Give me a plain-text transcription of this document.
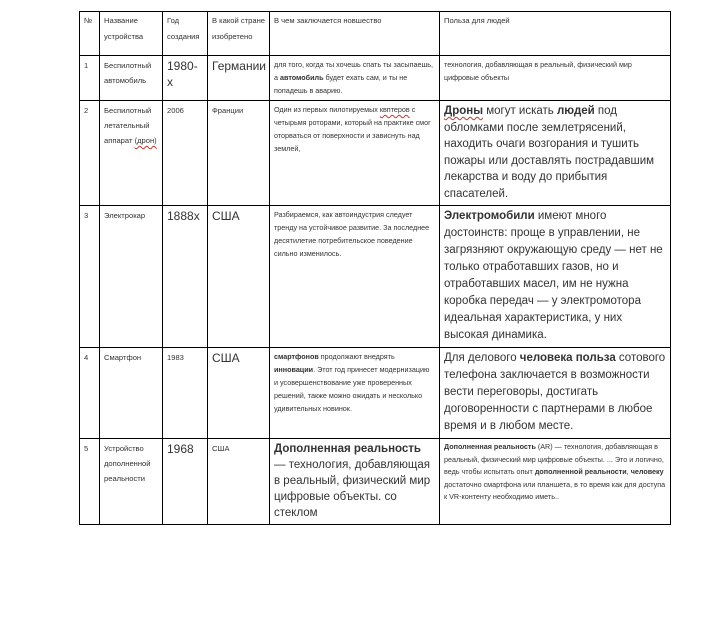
№	Название устройства	Год создания	В какой стране изобретено	В чем заключается новшество	Польза для людей
1	Беспилотный автомобиль	1980-х	Германии	для того, когда ты хочешь спать ты засыпаешь, а автомобиль будет ехать сам, и ты не попадешь в аварию.	технология, добавляющая в реальный, физический мир цифровые объекты
2	Беспилотный летательный аппарат (дрон)	2006	Франции	Один из первых пилотируемых квптеров с четырьмя роторами, который на практике смог оторваться от поверхности и зависнуть над землей,	Дроны могут искать людей под обломками после землетрясений, находить очаги возгорания и тушить пожары или доставлять пострадавшим лекарства и воду до прибытия спасателей.
3	Электрокар	1888х	США	Разбираемся, как автоиндустрия следует тренду на устойчивое развитие. За последнее десятилетие потребительское поведение сильно изменилось.	Электромобили имеют много достоинств: проще в управлении, не загрязняют окружающую среду — нет не только отработавших газов, но и отработавших масел, им не нужна коробка передач — у электромотора идеальная характеристика, у них высокая динамика.
4	Смартфон	1983	США	смартфонов продолжают внедрять инновации. Этот год принесет модернизацию и усовершенствование уже проверенных решений, также можно ожидать и несколько удивительных новинок.	Для делового человека польза сотового телефона заключается в возможности вести переговоры, достигать договоренности с партнерами в любое время и в любом месте.
5	Устройство дополненной реальности	1968	США	Дополненная реальность — технология, добавляющая в реальный, физический мир цифровые объекты. со стеклом	Дополненная реальность (AR) — технология, добавляющая в реальный, физический мир цифровые объекты. ... Это и логично, ведь чтобы испытать опыт дополненной реальности, человеку достаточно смартфона или планшета, в то время как для доступа к VR-контенту необходимо иметь..
